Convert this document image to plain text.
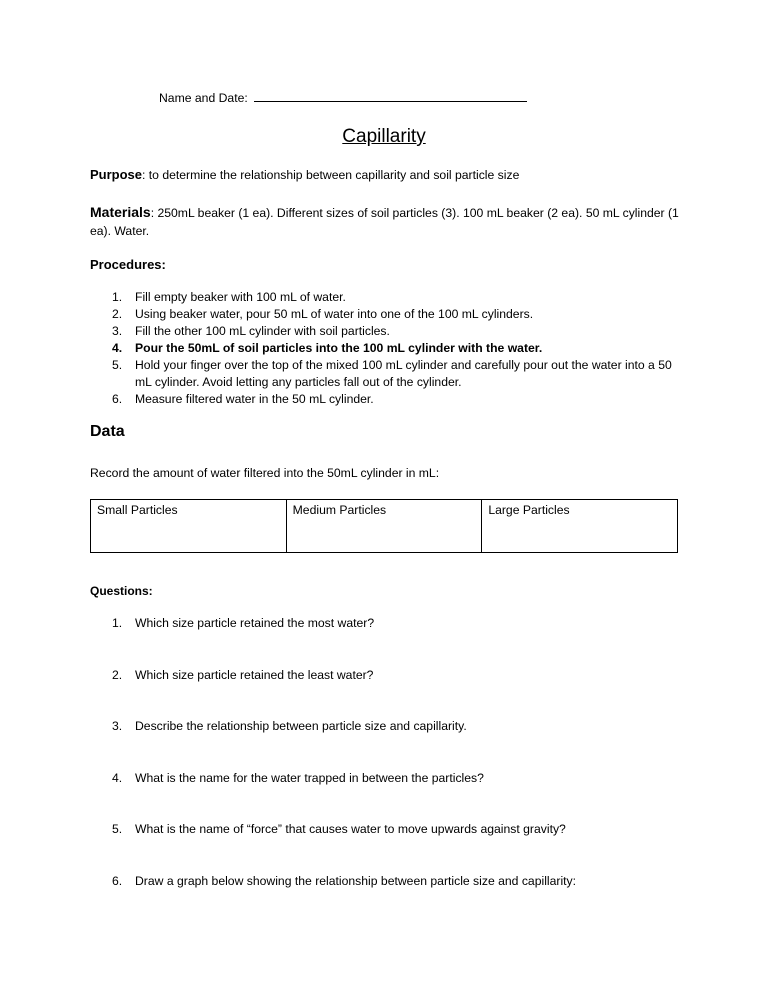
Name and Date:
Capillarity
Purpose: to determine the relationship between capillarity and soil particle size
Materials: 250mL beaker (1 ea). Different sizes of soil particles (3). 100 mL beaker (2 ea). 50 mL cylinder (1 ea). Water.
Procedures:
1. Fill empty beaker with 100 mL of water.
2. Using beaker water, pour 50 mL of water into one of the 100 mL cylinders.
3. Fill the other 100 mL cylinder with soil particles.
4. Pour the 50mL of soil particles into the 100 mL cylinder with the water.
5. Hold your finger over the top of the mixed 100 mL cylinder and carefully pour out the water into a 50 mL cylinder. Avoid letting any particles fall out of the cylinder.
6. Measure filtered water in the 50 mL cylinder.
Data
Record the amount of water filtered into the 50mL cylinder in mL:
Small Particles	Medium Particles	Large Particles
Questions:
1. Which size particle retained the most water?
2. Which size particle retained the least water?
3. Describe the relationship between particle size and capillarity.
4. What is the name for the water trapped in between the particles?
5. What is the name of “force” that causes water to move upwards against gravity?
6. Draw a graph below showing the relationship between particle size and capillarity:
